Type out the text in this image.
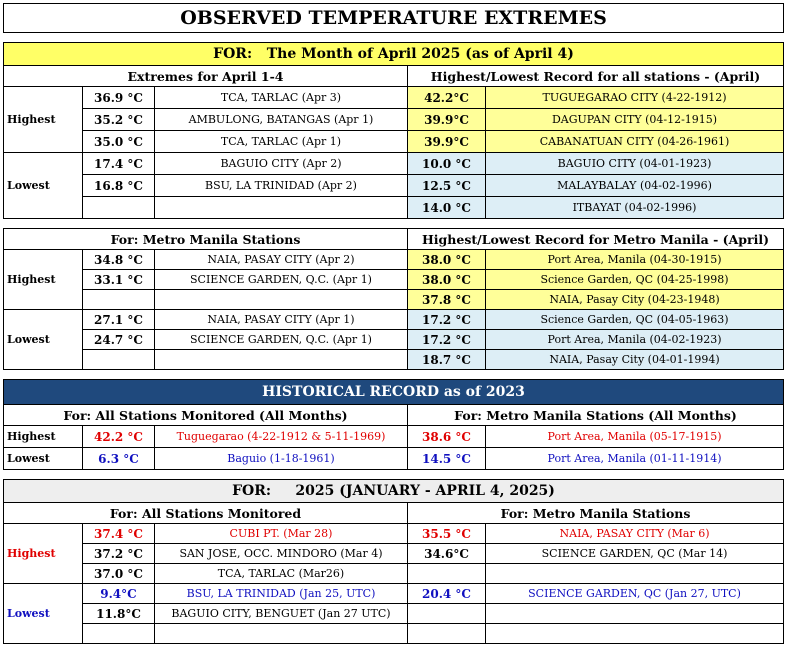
OBSERVED TEMPERATURE EXTREMES				

FOR: The Month of April 2025 (as of April 4)				
Extremes for April 1-4			Highest/Lowest Record for all stations - (April)	
Highest	36.9 °C	TCA, TARLAC (Apr 3)	42.2°C	TUGUEGARAO CITY (4-22-1912)
	35.2 °C	AMBULONG, BATANGAS (Apr 1)	39.9°C	DAGUPAN CITY (04-12-1915)
	35.0 °C	TCA, TARLAC (Apr 1)	39.9°C	CABANATUAN CITY (04-26-1961)
Lowest	17.4 °C	BAGUIO CITY (Apr 2)	10.0 °C	BAGUIO CITY (04-01-1923)
	16.8 °C	BSU, LA TRINIDAD (Apr 2)	12.5 °C	MALAYBALAY (04-02-1996)
			14.0 °C	ITBAYAT (04-02-1996)

For: Metro Manila Stations			Highest/Lowest Record for Metro Manila - (April)	
Highest	34.8 °C	NAIA, PASAY CITY (Apr 2)	38.0 °C	Port Area, Manila (04-30-1915)
	33.1 °C	SCIENCE GARDEN, Q.C. (Apr 1)	38.0 °C	Science Garden, QC (04-25-1998)
			37.8 °C	NAIA, Pasay City (04-23-1948)
Lowest	27.1 °C	NAIA, PASAY CITY (Apr 1)	17.2 °C	Science Garden, QC (04-05-1963)
	24.7 °C	SCIENCE GARDEN, Q.C. (Apr 1)	17.2 °C	Port Area, Manila (04-02-1923)
			18.7 °C	NAIA, Pasay City (04-01-1994)

HISTORICAL RECORD as of 2023				
For: All Stations Monitored (All Months)			For: Metro Manila Stations (All Months)	
Highest	42.2 °C	Tuguegarao (4-22-1912 & 5-11-1969)	38.6 °C	Port Area, Manila (05-17-1915)
Lowest	6.3 °C	Baguio (1-18-1961)	14.5 °C	Port Area, Manila (01-11-1914)

FOR: 2025 (JANUARY - APRIL 4, 2025)				
For: All Stations Monitored			For: Metro Manila Stations	
Highest	37.4 °C	CUBI PT. (Mar 28)	35.5 °C	NAIA, PASAY CITY (Mar 6)
	37.2 °C	SAN JOSE, OCC. MINDORO (Mar 4)	34.6°C	SCIENCE GARDEN, QC (Mar 14)
	37.0 °C	TCA, TARLAC (Mar26)		
Lowest	9.4°C	BSU, LA TRINIDAD (Jan 25, UTC)	20.4 °C	SCIENCE GARDEN, QC (Jan 27, UTC)
	11.8°C	BAGUIO CITY, BENGUET (Jan 27 UTC)		
